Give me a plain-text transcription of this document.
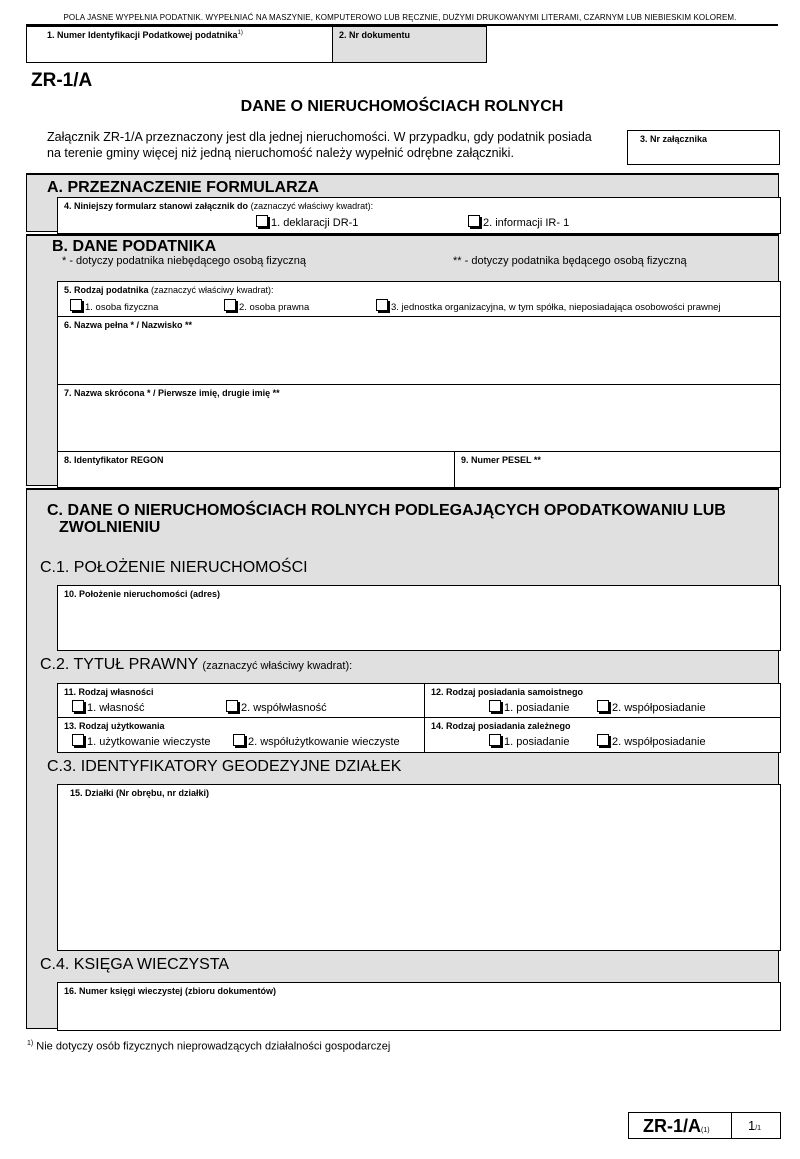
POLA JASNE WYPEŁNIA PODATNIK. WYPEŁNIAĆ NA MASZYNIE, KOMPUTEROWO LUB RĘCZNIE, DUŻYMI DRUKOWANYMI LITERAMI, CZARNYM LUB NIEBIESKIM KOLOREM.
1. Numer Identyfikacji Podatkowej podatnika$^{1)}$	2. Nr dokumentu
ZR-1/A
DANE O NIERUCHOMOŚCIACH ROLNYCH
Załącznik ZR-1/A przeznaczony jest dla jednej nieruchomości. W przypadku, gdy podatnik posiada
na terenie gminy więcej niż jedną nieruchomość należy wypełnić odrębne załączniki.
3. Nr załącznika
A. PRZEZNACZENIE FORMULARZA
4. Niniejszy formularz stanowi załącznik do (zaznaczyć właściwy kwadrat):
1. deklaracji DR-1	2. informacji IR- 1
B. DANE PODATNIKA
* - dotyczy podatnika niebędącego osobą fizyczną	** - dotyczy podatnika będącego osobą fizyczną
5. Rodzaj podatnika (zaznaczyć właściwy kwadrat):
1. osoba fizyczna	2. osoba prawna	3. jednostka organizacyjna, w tym spółka, nieposiadająca osobowości prawnej
6. Nazwa pełna * / Nazwisko **
7. Nazwa skrócona * / Pierwsze imię, drugie imię **
8. Identyfikator REGON	9. Numer PESEL **
C. DANE O NIERUCHOMOŚCIACH ROLNYCH PODLEGAJĄCYCH OPODATKOWANIU LUB
ZWOLNIENIU
C.1. POŁOŻENIE NIERUCHOMOŚCI
10. Położenie nieruchomości (adres)
C.2. TYTUŁ PRAWNY (zaznaczyć właściwy kwadrat):
11. Rodzaj własności
1. własność	2. współwłasność
12. Rodzaj posiadania samoistnego
1. posiadanie	2. współposiadanie
13. Rodzaj użytkowania
1. użytkowanie wieczyste	2. współużytkowanie wieczyste
14. Rodzaj posiadania zależnego
1. posiadanie	2. współposiadanie
C.3. IDENTYFIKATORY GEODEZYJNE DZIAŁEK
15. Działki (Nr obrębu, nr działki)
C.4. KSIĘGA WIECZYSTA
16. Numer księgi wieczystej (zbioru dokumentów)
$^{1)}$ Nie dotyczy osób fizycznych nieprowadzących działalności gospodarczej
ZR-1/A(1)	1/1
